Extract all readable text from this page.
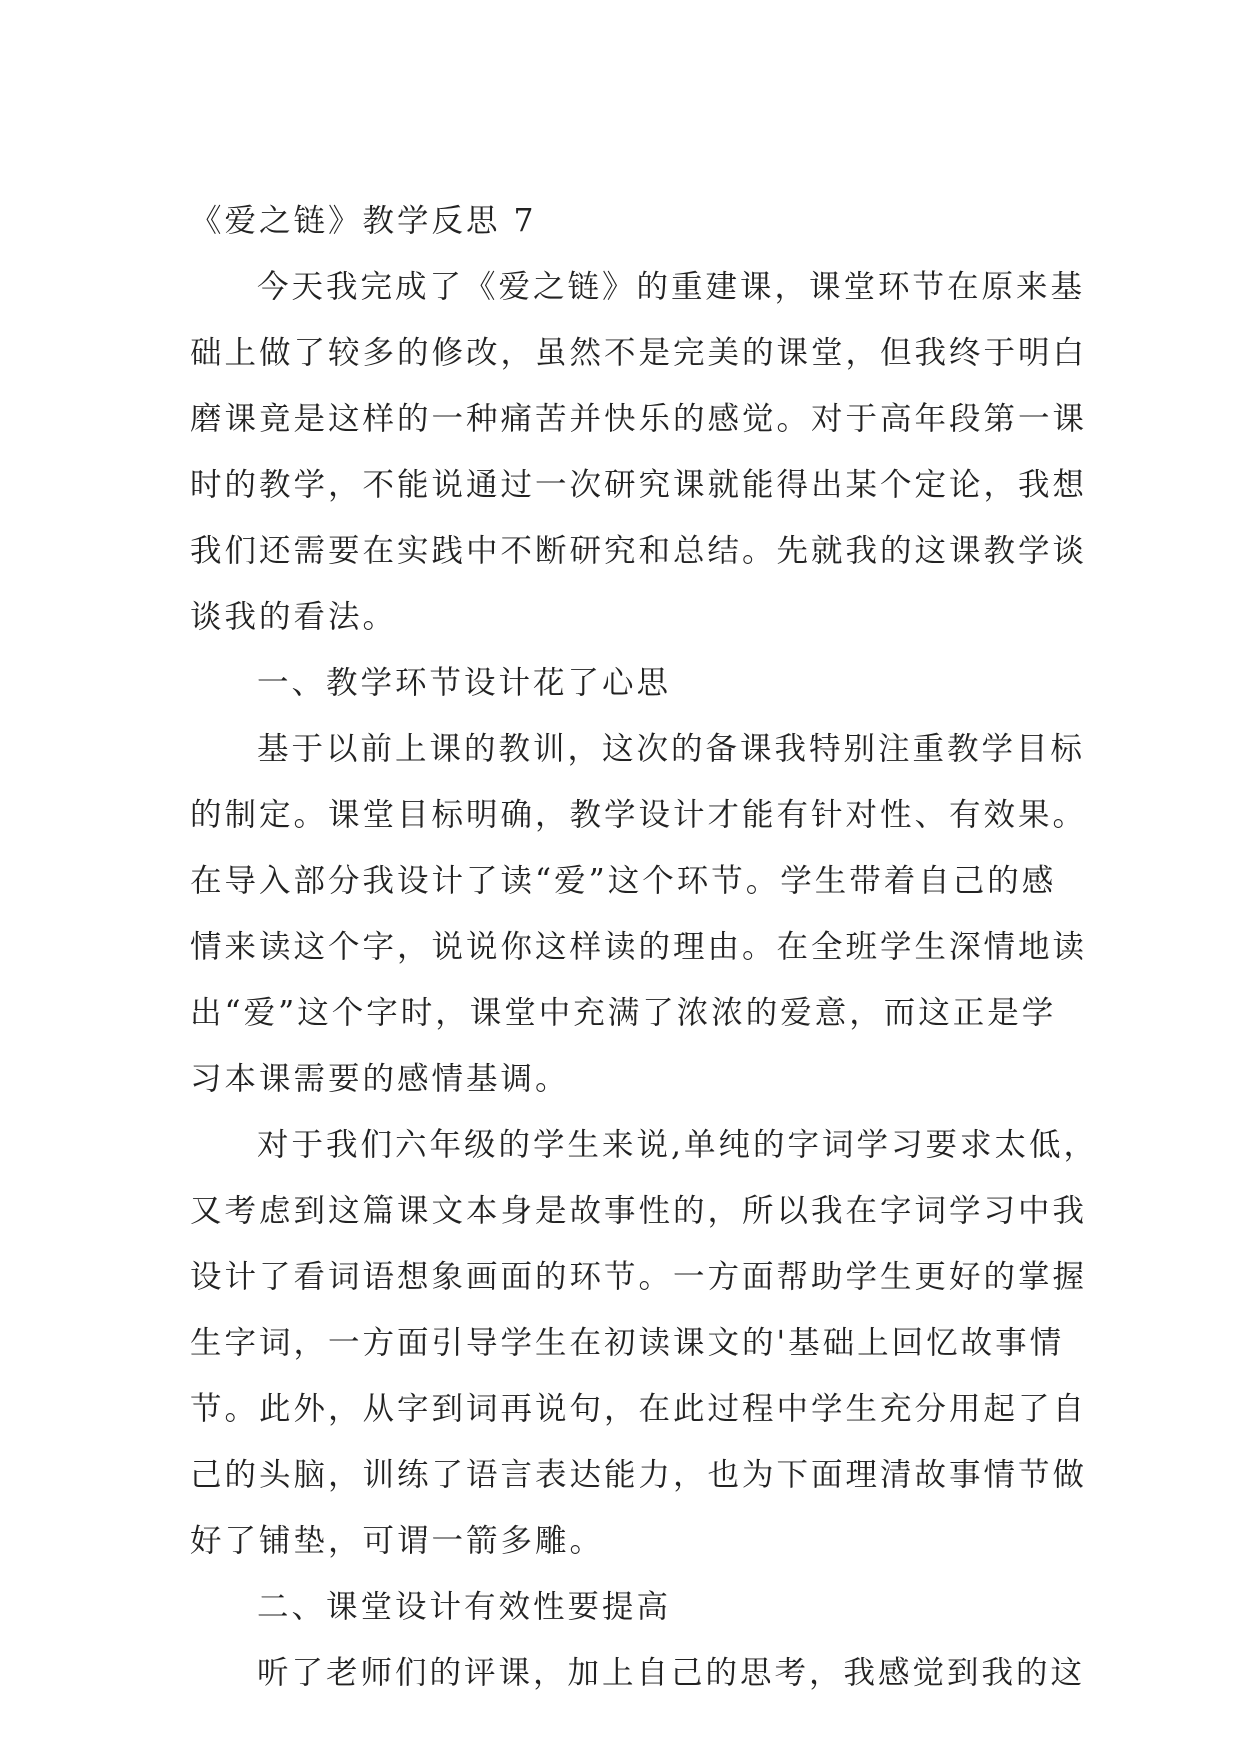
《爱之链》教学反思 7
今天我完成了《爱之链》的重建课，课堂环节在原来基
础上做了较多的修改，虽然不是完美的课堂，但我终于明白
磨课竟是这样的一种痛苦并快乐的感觉。对于高年段第一课
时的教学，不能说通过一次研究课就能得出某个定论，我想
我们还需要在实践中不断研究和总结。先就我的这课教学谈
谈我的看法。
一、教学环节设计花了心思
基于以前上课的教训，这次的备课我特别注重教学目标
的制定。课堂目标明确，教学设计才能有针对性、有效果。
在导入部分我设计了读“爱”这个环节。学生带着自己的感
情来读这个字，说说你这样读的理由。在全班学生深情地读
出“爱”这个字时，课堂中充满了浓浓的爱意，而这正是学
习本课需要的感情基调。
对于我们六年级的学生来说,单纯的字词学习要求太低，
又考虑到这篇课文本身是故事性的，所以我在字词学习中我
设计了看词语想象画面的环节。一方面帮助学生更好的掌握
生字词，一方面引导学生在初读课文的'基础上回忆故事情
节。此外，从字到词再说句，在此过程中学生充分用起了自
己的头脑，训练了语言表达能力，也为下面理清故事情节做
好了铺垫，可谓一箭多雕。
二、课堂设计有效性要提高
听了老师们的评课，加上自己的思考，我感觉到我的这
